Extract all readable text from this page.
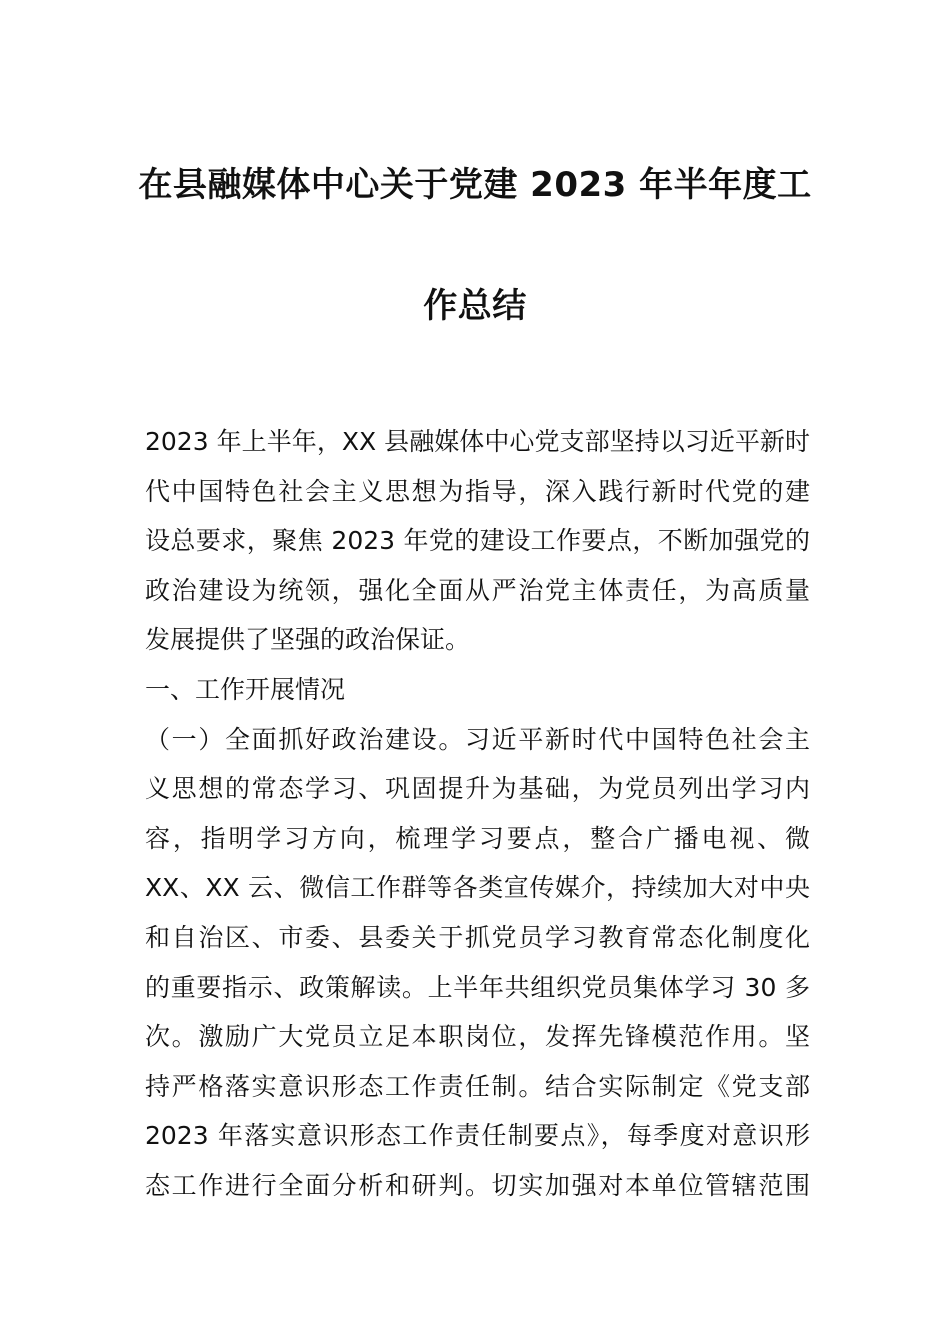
在县融媒体中心关于党建 2023 年半年度工
作总结
2023 年上半年，XX 县融媒体中心党支部坚持以习近平新时
代中国特色社会主义思想为指导，深入践行新时代党的建
设总要求，聚焦 2023 年党的建设工作要点，不断加强党的
政治建设为统领，强化全面从严治党主体责任，为高质量
发展提供了坚强的政治保证。
一、工作开展情况
（一）全面抓好政治建设。习近平新时代中国特色社会主
义思想的常态学习、巩固提升为基础，为党员列出学习内
容，指明学习方向，梳理学习要点，整合广播电视、微
XX、XX 云、微信工作群等各类宣传媒介，持续加大对中央
和自治区、市委、县委关于抓党员学习教育常态化制度化
的重要指示、政策解读。上半年共组织党员集体学习 30 多
次。激励广大党员立足本职岗位，发挥先锋模范作用。坚
持严格落实意识形态工作责任制。结合实际制定《党支部
2023 年落实意识形态工作责任制要点》，每季度对意识形
态工作进行全面分析和研判。切实加强对本单位管辖范围
